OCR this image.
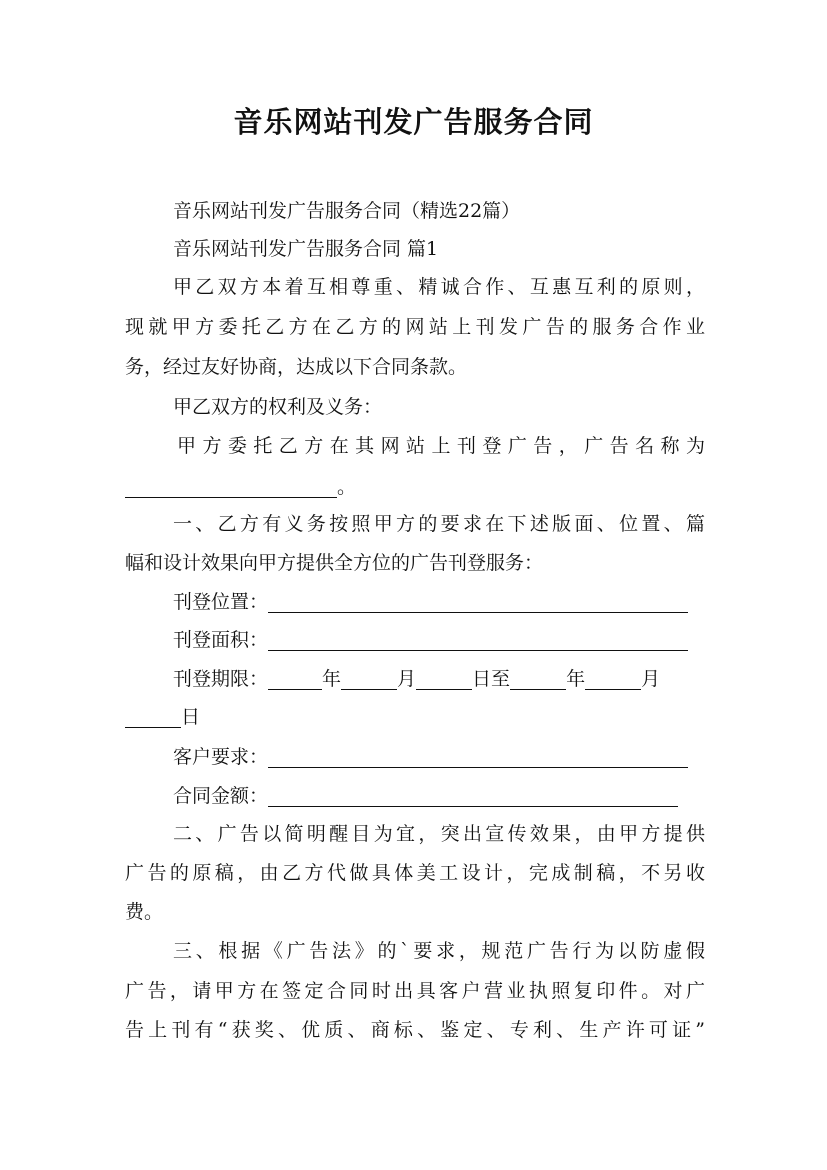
音乐网站刊发广告服务合同
音乐网站刊发广告服务合同（精选22篇）
音乐网站刊发广告服务合同 篇1
甲乙双方本着互相尊重、精诚合作、互惠互利的原则，
现就甲方委托乙方在乙方的网站上刊发广告的服务合作业
务，经过友好协商，达成以下合同条款。
甲乙双方的权利及义务：
甲方委托乙方在其网站上刊登广告，广告名称为
。
一、乙方有义务按照甲方的要求在下述版面、位置、篇
幅和设计效果向甲方提供全方位的广告刊登服务：
刊登位置：
刊登面积：
刊登期限：	年	月	日至	年	月
日
客户要求：
合同金额：
二、广告以简明醒目为宜，突出宣传效果，由甲方提供
广告的原稿，由乙方代做具体美工设计，完成制稿，不另收
费。
三、根据《广告法》的`要求，规范广告行为以防虚假
广告，请甲方在签定合同时出具客户营业执照复印件。对广
告上刊有“获奖、优质、商标、鉴定、专利、生产许可证”
